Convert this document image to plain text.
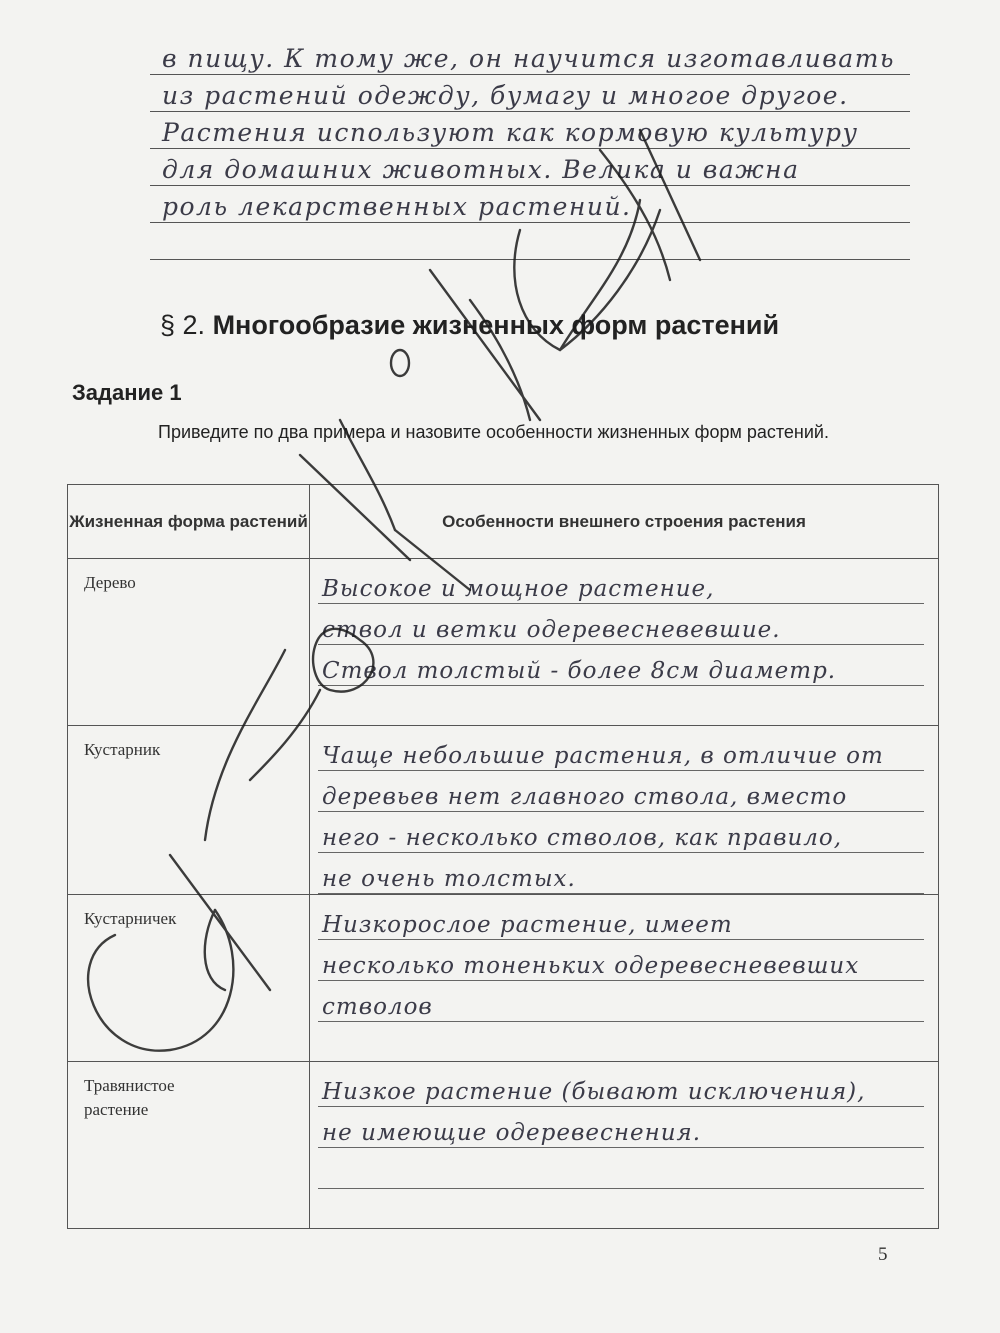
в пищу. К тому же, он научится изготавливать
из растений одежду, бумагу и многое другое.
Растения используют как кормовую культуру
для домашних животных. Велика и важна
роль лекарственных растений.
§ 2. Многообразие жизненных форм растений
Задание 1
Приведите по два примера и назовите особенности жизненных форм растений.
Жизненная форма растений	Особенности внешнего строения растения

Дерево	Высокое и мощное растение,
ствол и ветки одеревесневевшие.
Ствол толстый - более 8см диаметр.

Кустарник	Чаще небольшие растения, в отличие от
деревьев нет главного ствола, вместо
него - несколько стволов, как правило,
не очень толстых.

Кустарничек	Низкорослое растение, имеет
несколько тоненьких одеревесневевших
стволов

Травянистое растение	Низкое растение (бывают исключения),
не имеющие одеревеснения.
5
